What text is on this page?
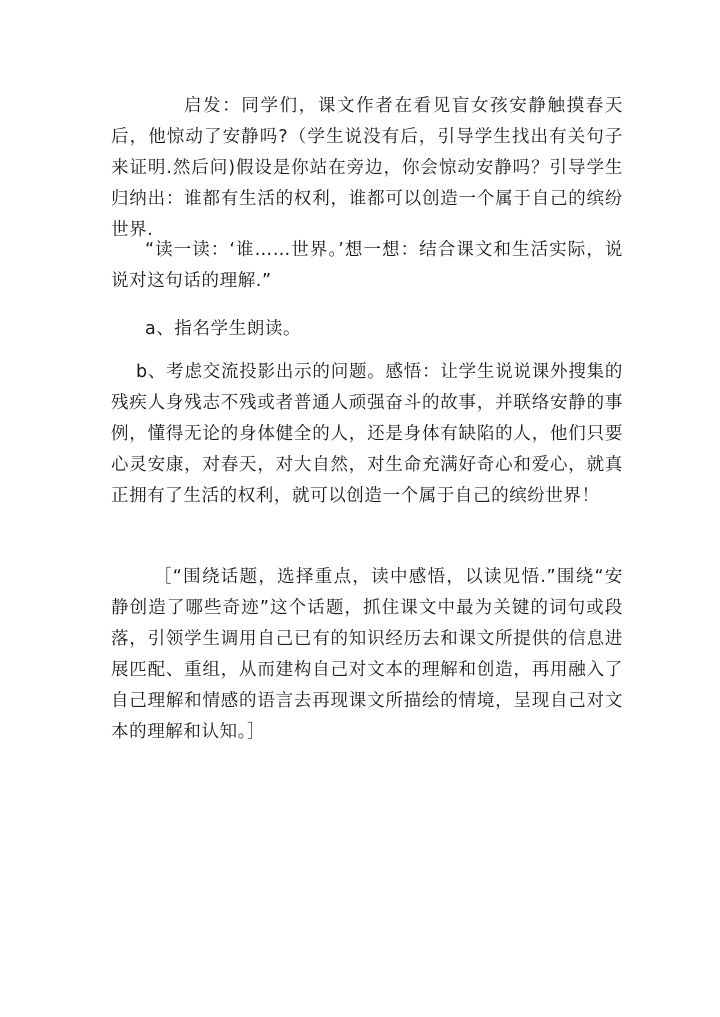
启发：同学们，课文作者在看见盲女孩安静触摸春天后，他惊动了安静吗?（学生说没有后，引导学生找出有关句子来证明.然后问)假设是你站在旁边，你会惊动安静吗？引导学生归纳出：谁都有生活的权利，谁都可以创造一个属于自己的缤纷世界.

“读一读：‘谁……世界。’想一想：结合课文和生活实际，说说对这句话的理解.”

a、指名学生朗读。

b、考虑交流投影出示的问题。感悟：让学生说说课外搜集的残疾人身残志不残或者普通人顽强奋斗的故事，并联络安静的事例，懂得无论的身体健全的人，还是身体有缺陷的人，他们只要心灵安康，对春天，对大自然，对生命充满好奇心和爱心，就真正拥有了生活的权利，就可以创造一个属于自己的缤纷世界！

［“围绕话题，选择重点，读中感悟，以读见悟.”围绕“安静创造了哪些奇迹”这个话题，抓住课文中最为关键的词句或段落，引领学生调用自己已有的知识经历去和课文所提供的信息进展匹配、重组，从而建构自己对文本的理解和创造，再用融入了自己理解和情感的语言去再现课文所描绘的情境，呈现自己对文本的理解和认知。］
